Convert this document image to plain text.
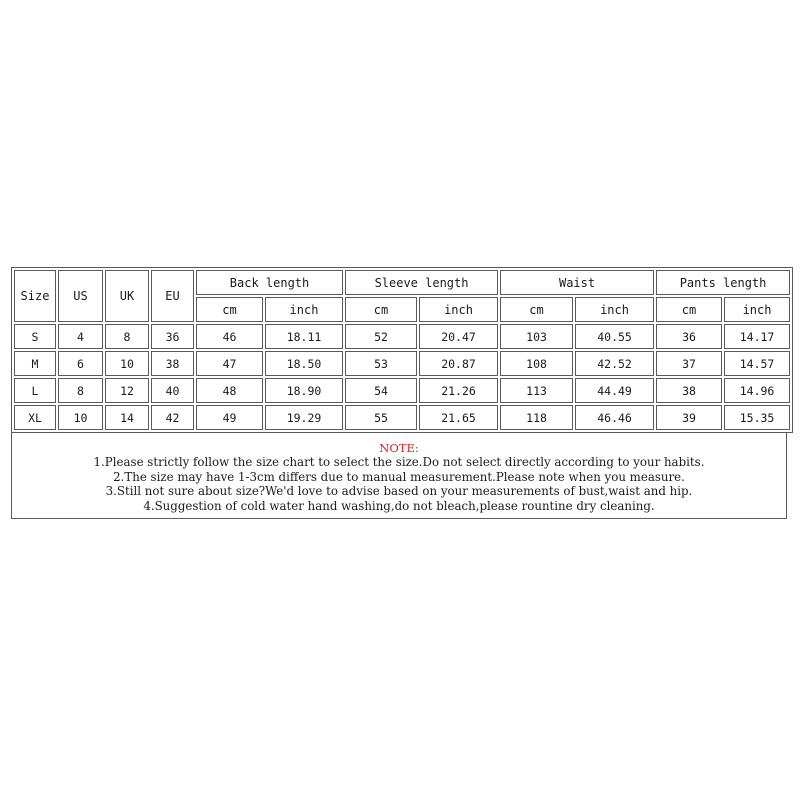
Size	US	UK	EU	Back length		Sleeve length		Waist		Pants length	
				cm	inch	cm	inch	cm	inch	cm	inch
S	4	8	36	46	18.11	52	20.47	103	40.55	36	14.17
M	6	10	38	47	18.50	53	20.87	108	42.52	37	14.57
L	8	12	40	48	18.90	54	21.26	113	44.49	38	14.96
XL	10	14	42	49	19.29	55	21.65	118	46.46	39	15.35
NOTE:
1.Please strictly follow the size chart to select the size.Do not select directly according to your habits.
2.The size may have 1-3cm differs due to manual measurement.Please note when you measure.
3.Still not sure about size?We'd love to advise based on your measurements of bust,waist and hip.
4.Suggestion of cold water hand washing,do not bleach,please rountine dry cleaning.
